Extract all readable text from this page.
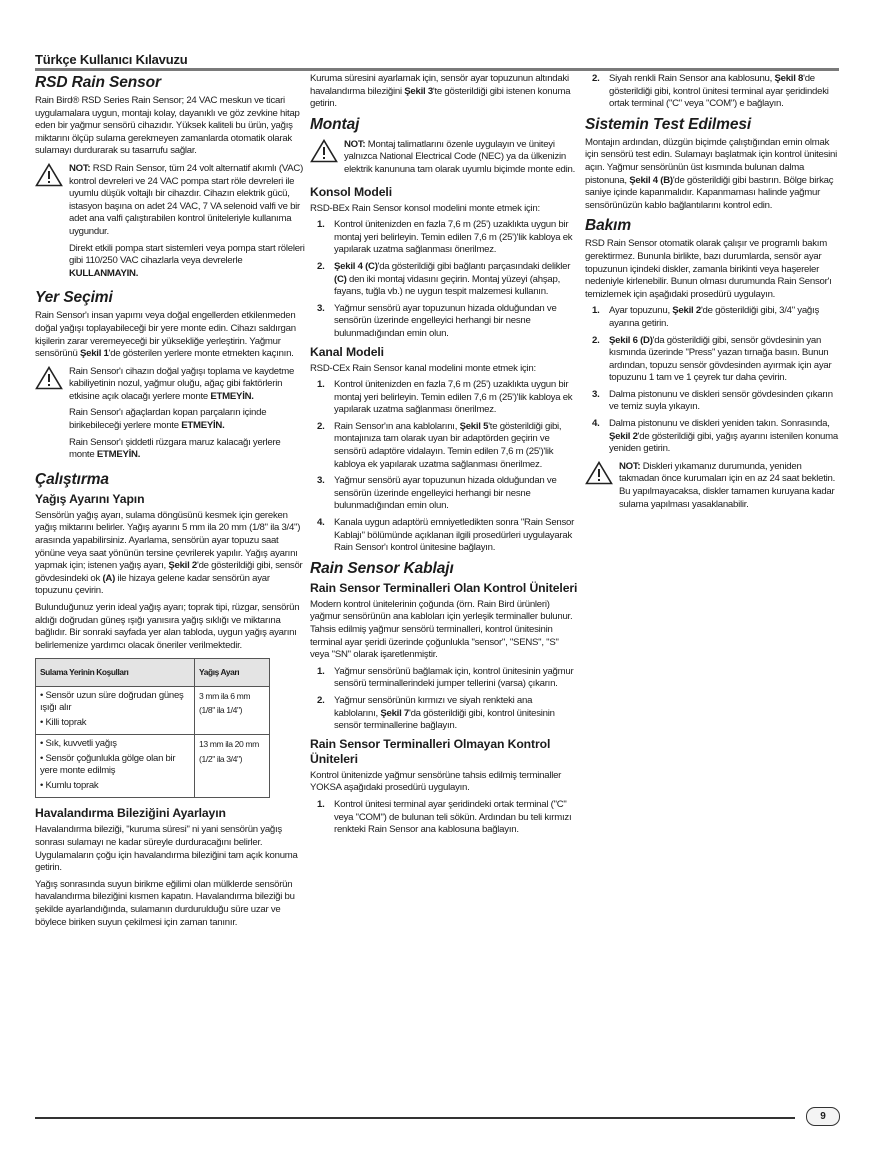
Türkçe Kullanıcı Kılavuzu
RSD Rain Sensor

Rain Bird® RSD Series Rain Sensor; 24 VAC meskun ve ticari uygulamalara uygun, montajı kolay, dayanıklı ve göz zevkine hitap eden bir yağmur sensörü cihazıdır. Yüksek kaliteli bu ürün, yağış miktarını ölçüp sulama gerekmeyen zamanlarda otomatik olarak sulamayı durdurarak su tasarrufu sağlar.

NOT: RSD Rain Sensor, tüm 24 volt alternatif akımlı (VAC) kontrol devreleri ve 24 VAC pompa start röle devreleri ile uyumlu düşük voltajlı bir cihazdır. Cihazın elektrik gücü, istasyon başına on adet 24 VAC, 7 VA selenoid valfi ve bir adet ana valfi çalıştırabilen kontrol üniteleriyle kullanıma uygundur.

Direkt etkili pompa start sistemleri veya pompa start röleleri gibi 110/250 VAC cihazlarla veya devrelerle KULLANMAYIN.

Yer Seçimi

Rain Sensor'ı insan yapımı veya doğal engellerden etkilenmeden doğal yağışı toplayabileceği bir yere monte edin. Cihazı saldırgan kişilerin zarar veremeyeceği bir yüksekliğe yerleştirin. Yağmur sensörünü Şekil 1'de gösterilen yerlere monte etmekten kaçının.

Rain Sensor'ı cihazın doğal yağışı toplama ve kaydetme kabiliyetinin nozul, yağmur oluğu, ağaç gibi faktörlerin etkisine açık olacağı yerlere monte ETMEYİN.

Rain Sensor'ı ağaçlardan kopan parçaların içinde birikebileceği yerlere monte ETMEYİN.

Rain Sensor'ı şiddetli rüzgara maruz kalacağı yerlere monte ETMEYİN.

Çalıştırma
Yağış Ayarını Yapın

Sensörün yağış ayarı, sulama döngüsünü kesmek için gereken yağış miktarını belirler. Yağış ayarını 5 mm ila 20 mm (1/8" ila 3/4") arasında yapabilirsiniz. Ayarlama, sensörün ayar topuzu saat yönüne veya saat yönünün tersine çevrilerek yapılır. Yağış ayarını yapmak için; istenen yağış ayarı, Şekil 2'de gösterildiği gibi, sensör gövdesindeki ok (A) ile hizaya gelene kadar sensörün ayar topuzunu çevirin.

Bulunduğunuz yerin ideal yağış ayarı; toprak tipi, rüzgar, sensörün aldığı doğrudan güneş ışığı yanısıra yağış sıklığı ve miktarına bağlıdır. Bir sonraki sayfada yer alan tabloda, uygun yağış ayarını belirlemenize yardımcı olacak öneriler verilmektedir.

Sulama Yerinin Koşulları	Yağış Ayarı

• Sensör uzun süre doğrudan güneş ışığı alır
• Killi toprak	3 mm ila 6 mm
(1/8" ila 1/4")

• Sık, kuvvetli yağış
• Sensör çoğunlukla gölge olan bir yere monte edilmiş
• Kumlu toprak	13 mm ila 20 mm
(1/2" ila 3/4")
Havalandırma Bileziğini Ayarlayın

Havalandırma bileziği, "kuruma süresi" ni yani sensörün yağış sonrası sulamayı ne kadar süreyle durduracağını belirler. Uygulamaların çoğu için havalandırma bileziğini tam açık konuma getirin.

Yağış sonrasında suyun birikme eğilimi olan mülklerde sensörün havalandırma bileziğini kısmen kapatın. Havalandırma bileziği bu şekilde ayarlandığında, sulamanın durdurulduğu süre uzar ve böylece biriken suyun çekilmesi için zaman tanınır.

Kuruma süresini ayarlamak için, sensör ayar topuzunun altındaki havalandırma bileziğini Şekil 3'te gösterildiği gibi istenen konuma getirin.

Montaj

NOT: Montaj talimatlarını özenle uygulayın ve üniteyi yalnızca National Electrical Code (NEC) ya da ülkenizin elektrik kanununa tam olarak uyumlu biçimde monte edin.

Konsol Modeli

RSD-BEx Rain Sensor konsol modelini monte etmek için:

1. Kontrol ünitenizden en fazla 7,6 m (25') uzaklıkta uygun bir montaj yeri belirleyin. Temin edilen 7,6 m (25')'lik kabloya ek yapılarak uzatma sağlanması önerilmez.
2. Şekil 4 (C)'da gösterildiği gibi bağlantı parçasındaki delikler (C) den iki montaj vidasını geçirin. Montaj yüzeyi (ahşap, fayans, tuğla vb.) ne uygun tespit malzemesi kullanın.
3. Yağmur sensörü ayar topuzunun hizada olduğundan ve sensörün üzerinde engelleyici herhangi bir nesne bulunmadığından emin olun.
Kanal Modeli

RSD-CEx Rain Sensor kanal modelini monte etmek için:

1. Kontrol ünitenizden en fazla 7,6 m (25') uzaklıkta uygun bir montaj yeri belirleyin. Temin edilen 7,6 m (25')'lik kabloya ek yapılarak uzatma sağlanması önerilmez.
2. Rain Sensor'ın ana kablolarını, Şekil 5'te gösterildiği gibi, montajınıza tam olarak uyan bir adaptörden geçirin ve sensörü adaptöre vidalayın. Temin edilen 7,6 m (25')'lik kabloya ek yapılarak uzatma sağlanması önerilmez.
3. Yağmur sensörü ayar topuzunun hizada olduğundan ve sensörün üzerinde engelleyici herhangi bir nesne bulunmadığından emin olun.
4. Kanala uygun adaptörü emniyetledikten sonra "Rain Sensor Kablajı" bölümünde açıklanan ilgili prosedürleri uygulayarak Rain Sensor'ı kontrol ünitesine bağlayın.
Rain Sensor Kablajı
Rain Sensor Terminalleri Olan Kontrol Üniteleri

Modern kontrol ünitelerinin çoğunda (örn. Rain Bird ürünleri) yağmur sensörünün ana kabloları için yerleşik terminaller bulunur. Tahsis edilmiş yağmur sensörü terminalleri, kontrol ünitesinin terminal ayar şeridi üzerinde çoğunlukla "sensor", "SENS", "S" veya "SN" olarak işaretlenmiştir.

1. Yağmur sensörünü bağlamak için, kontrol ünitesinin yağmur sensörü terminallerindeki jumper tellerini (varsa) çıkarın.
2. Yağmur sensörünün kırmızı ve siyah renkteki ana kablolarını, Şekil 7'da gösterildiği gibi, kontrol ünitesinin sensör terminallerine bağlayın.
Rain Sensor Terminalleri Olmayan Kontrol Üniteleri

Kontrol ünitenizde yağmur sensörüne tahsis edilmiş terminaller YOKSA aşağıdaki prosedürü uygulayın.

1. Kontrol ünitesi terminal ayar şeridindeki ortak terminal ("C" veya "COM") de bulunan teli sökün. Ardından bu teli kırmızı renkteki Rain Sensor ana kablosuna bağlayın.
2. Siyah renkli Rain Sensor ana kablosunu, Şekil 8'de gösterildiği gibi, kontrol ünitesi terminal ayar şeridindeki ortak terminal ("C" veya "COM") e bağlayın.
Sistemin Test Edilmesi

Montajın ardından, düzgün biçimde çalıştığından emin olmak için sensörü test edin. Sulamayı başlatmak için kontrol ünitesini açın. Yağmur sensörünün üst kısmında bulunan dalma pistonuna, Şekil 4 (B)'de gösterildiği gibi bastırın. Bölge birkaç saniye içinde kapanmalıdır. Kapanmaması halinde yağmur sensörünüzün kablo bağlantılarını kontrol edin.

Bakım

RSD Rain Sensor otomatik olarak çalışır ve programlı bakım gerektirmez. Bununla birlikte, bazı durumlarda, sensör ayar topuzunun içindeki diskler, zamanla birikinti veya haşereler nedeniyle kirlenebilir. Bunun olması durumunda Rain Sensor'ı temizlemek için aşağıdaki prosedürü uygulayın.

1. Ayar topuzunu, Şekil 2'de gösterildiği gibi, 3/4" yağış ayarına getirin.
2. Şekil 6 (D)'da gösterildiği gibi, sensör gövdesinin yan kısmında üzerinde "Press" yazan tırnağa basın. Bunun ardından, topuzu sensör gövdesinden ayırmak için ayar topuzunu 1 tam ve 1 çeyrek tur daha çevirin.
3. Dalma pistonunu ve diskleri sensör gövdesinden çıkarın ve temiz suyla yıkayın.
4. Dalma pistonunu ve diskleri yeniden takın. Sonrasında, Şekil 2'de gösterildiği gibi, yağış ayarını istenilen konuma yeniden getirin.

NOT: Diskleri yıkamanız durumunda, yeniden takmadan önce kurumaları için en az 24 saat bekletin. Bu yapılmayacaksa, diskler tamamen kuruyana kadar sulama yapılması yasaklanabilir.

9
